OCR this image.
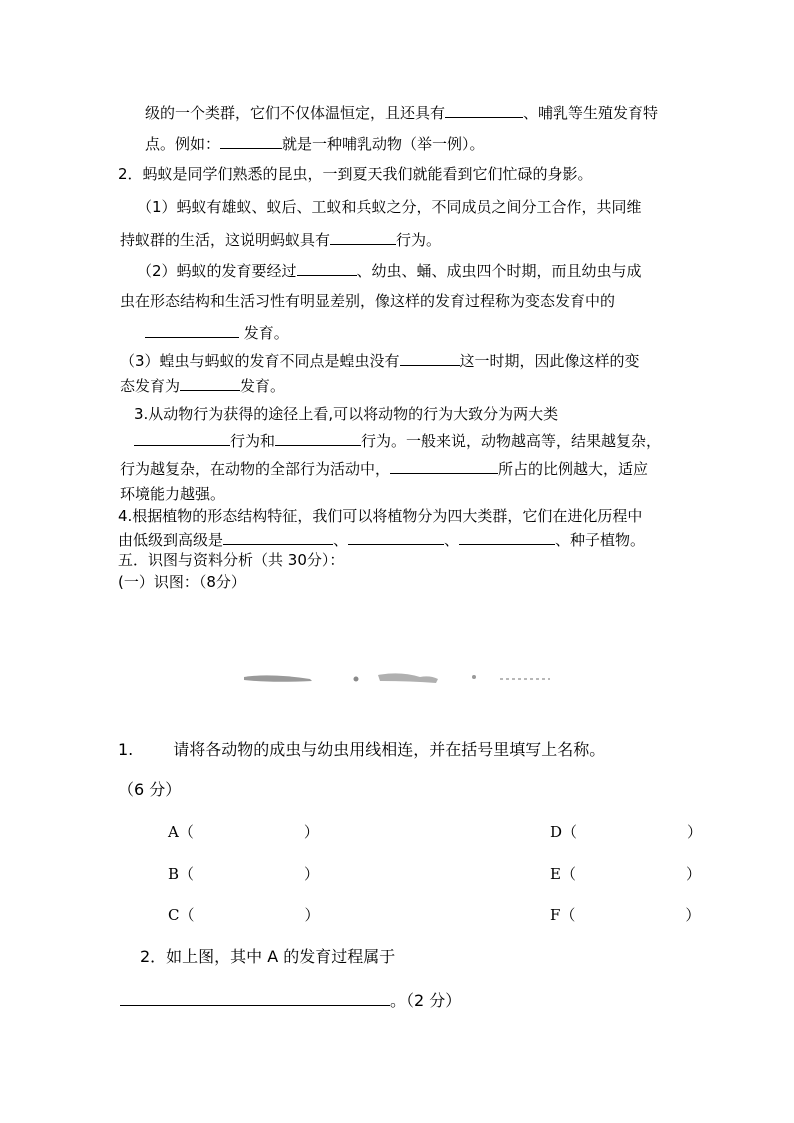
级的一个类群，它们不仅体温恒定，且还具有	、哺乳等生殖发育特
点。例如：	就是一种哺乳动物（举一例）。
2．蚂蚁是同学们熟悉的昆虫，一到夏天我们就能看到它们忙碌的身影。
（1）蚂蚁有雄蚁、蚁后、工蚁和兵蚁之分，不同成员之间分工合作，共同维
持蚁群的生活，这说明蚂蚁具有	行为。
（2）蚂蚁的发育要经过	、幼虫、蛹、成虫四个时期，而且幼虫与成
虫在形态结构和生活习性有明显差别，像这样的发育过程称为变态发育中的
发育。
（3）蝗虫与蚂蚁的发育不同点是蝗虫没有	这一时期，因此像这样的变
态发育为	发育。
3.从动物行为获得的途径上看,可以将动物的行为大致分为两大类
行为和	行为。一般来说，动物越高等，结果越复杂，
行为越复杂，在动物的全部行为活动中，	所占的比例越大，适应
环境能力越强。
4.根据植物的形态结构特征，我们可以将植物分为四大类群，它们在进化历程中
由低级到高级是	、	、	、种子植物。
五．识图与资料分析（共 30分）：
(一）识图：（8分）
1.	请将各动物的成虫与幼虫用线相连，并在括号里填写上名称。
（6 分）
A（	）
B（	）
C（	）
D（	）
E（	）
F（	）
2．如上图，其中 A 的发育过程属于
。（2 分）
